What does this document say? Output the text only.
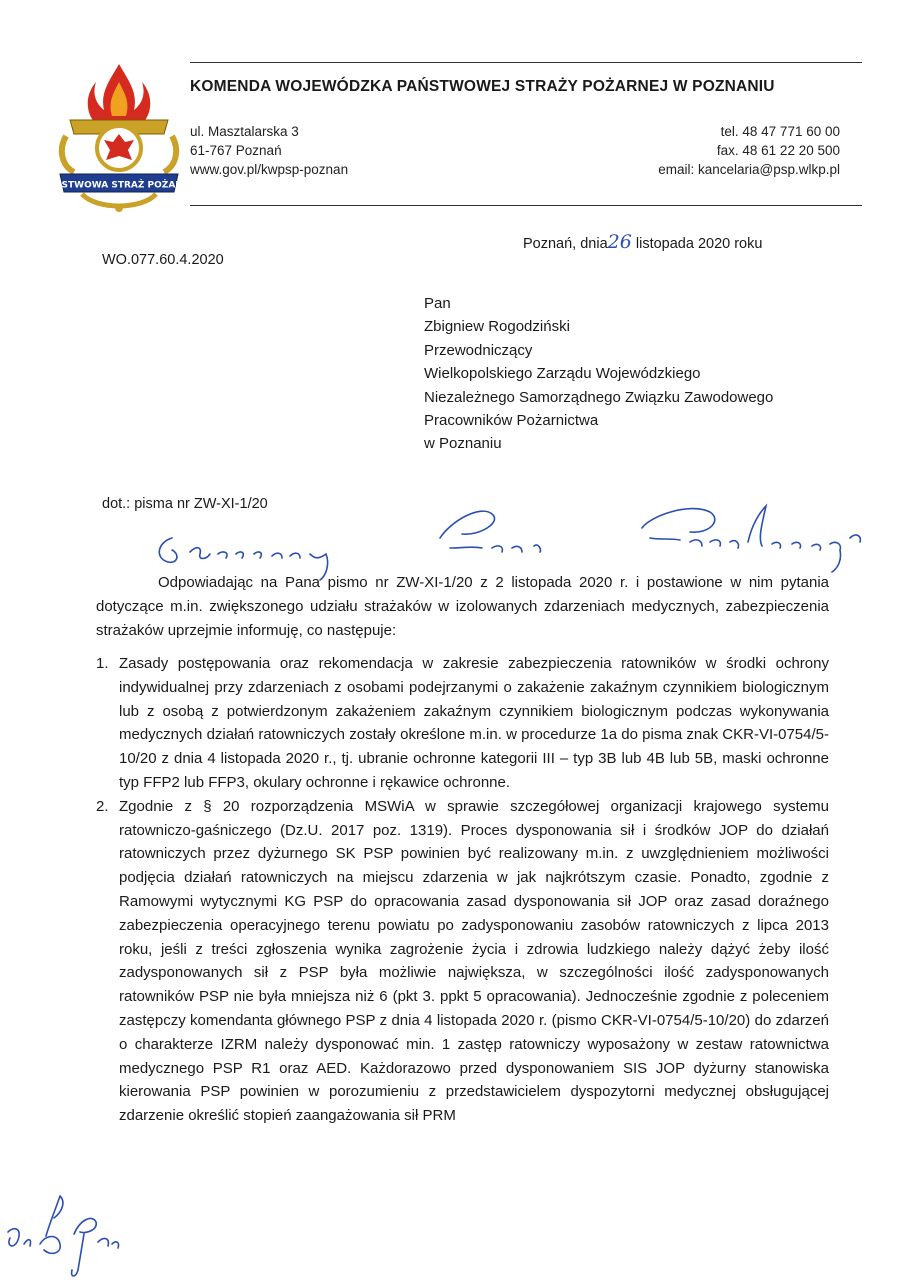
PAŃSTWOWA STRAŻ POŻARNA
KOMENDA WOJEWÓDZKA PAŃSTWOWEJ STRAŻY POŻARNEJ W POZNANIU
ul. Masztalarska 3
61-767 Poznań
www.gov.pl/kwpsp-poznan
tel. 48 47 771 60 00
fax. 48 61 22 20 500
email: kancelaria@psp.wlkp.pl
Poznań, dnia26 listopada 2020 roku
WO.077.60.4.2020
Pan
Zbigniew Rogodziński
Przewodniczący
Wielkopolskiego Zarządu Wojewódzkiego
Niezależnego Samorządnego Związku Zawodowego
Pracowników Pożarnictwa
w Poznaniu
dot.: pisma nr ZW-XI-1/20
Odpowiadając na Pana pismo nr ZW-XI-1/20 z 2 listopada 2020 r. i postawione w nim pytania dotyczące m.in. zwiększonego udziału strażaków w izolowanych zdarzeniach medycznych, zabezpieczenia strażaków uprzejmie informuję, co następuje:
1. Zasady postępowania oraz rekomendacja w zakresie zabezpieczenia ratowników w środki ochrony indywidualnej przy zdarzeniach z osobami podejrzanymi o zakażenie zakaźnym czynnikiem biologicznym lub z osobą z potwierdzonym zakażeniem zakaźnym czynnikiem biologicznym podczas wykonywania medycznych działań ratowniczych zostały określone m.in. w procedurze 1a do pisma znak CKR-VI-0754/5-10/20 z dnia 4 listopada 2020 r., tj. ubranie ochronne kategorii III – typ 3B lub 4B lub 5B, maski ochronne typ FFP2 lub FFP3, okulary ochronne i rękawice ochronne.
2. Zgodnie z § 20 rozporządzenia MSWiA w sprawie szczegółowej organizacji krajowego systemu ratowniczo-gaśniczego (Dz.U. 2017 poz. 1319). Proces dysponowania sił i środków JOP do działań ratowniczych przez dyżurnego SK PSP powinien być realizowany m.in. z uwzględnieniem możliwości podjęcia działań ratowniczych na miejscu zdarzenia w jak najkrótszym czasie. Ponadto, zgodnie z Ramowymi wytycznymi KG PSP do opracowania zasad dysponowania sił JOP oraz zasad doraźnego zabezpieczenia operacyjnego terenu powiatu po zadysponowaniu zasobów ratowniczych z lipca 2013 roku, jeśli z treści zgłoszenia wynika zagrożenie życia i zdrowia ludzkiego należy dążyć żeby ilość zadysponowanych sił z PSP była możliwie największa, w szczególności ilość zadysponowanych ratowników PSP nie była mniejsza niż 6 (pkt 3. ppkt 5 opracowania). Jednocześnie zgodnie z poleceniem zastępczy komendanta głównego PSP z dnia 4 listopada 2020 r. (pismo CKR-VI-0754/5-10/20) do zdarzeń o charakterze IZRM należy dysponować min. 1 zastęp ratowniczy wyposażony w zestaw ratownictwa medycznego PSP R1 oraz AED. Każdorazowo przed dysponowaniem SIS JOP dyżurny stanowiska kierowania PSP powinien w porozumieniu z przedstawicielem dyspozytorni medycznej obsługującej zdarzenie określić stopień zaangażowania sił PRM
